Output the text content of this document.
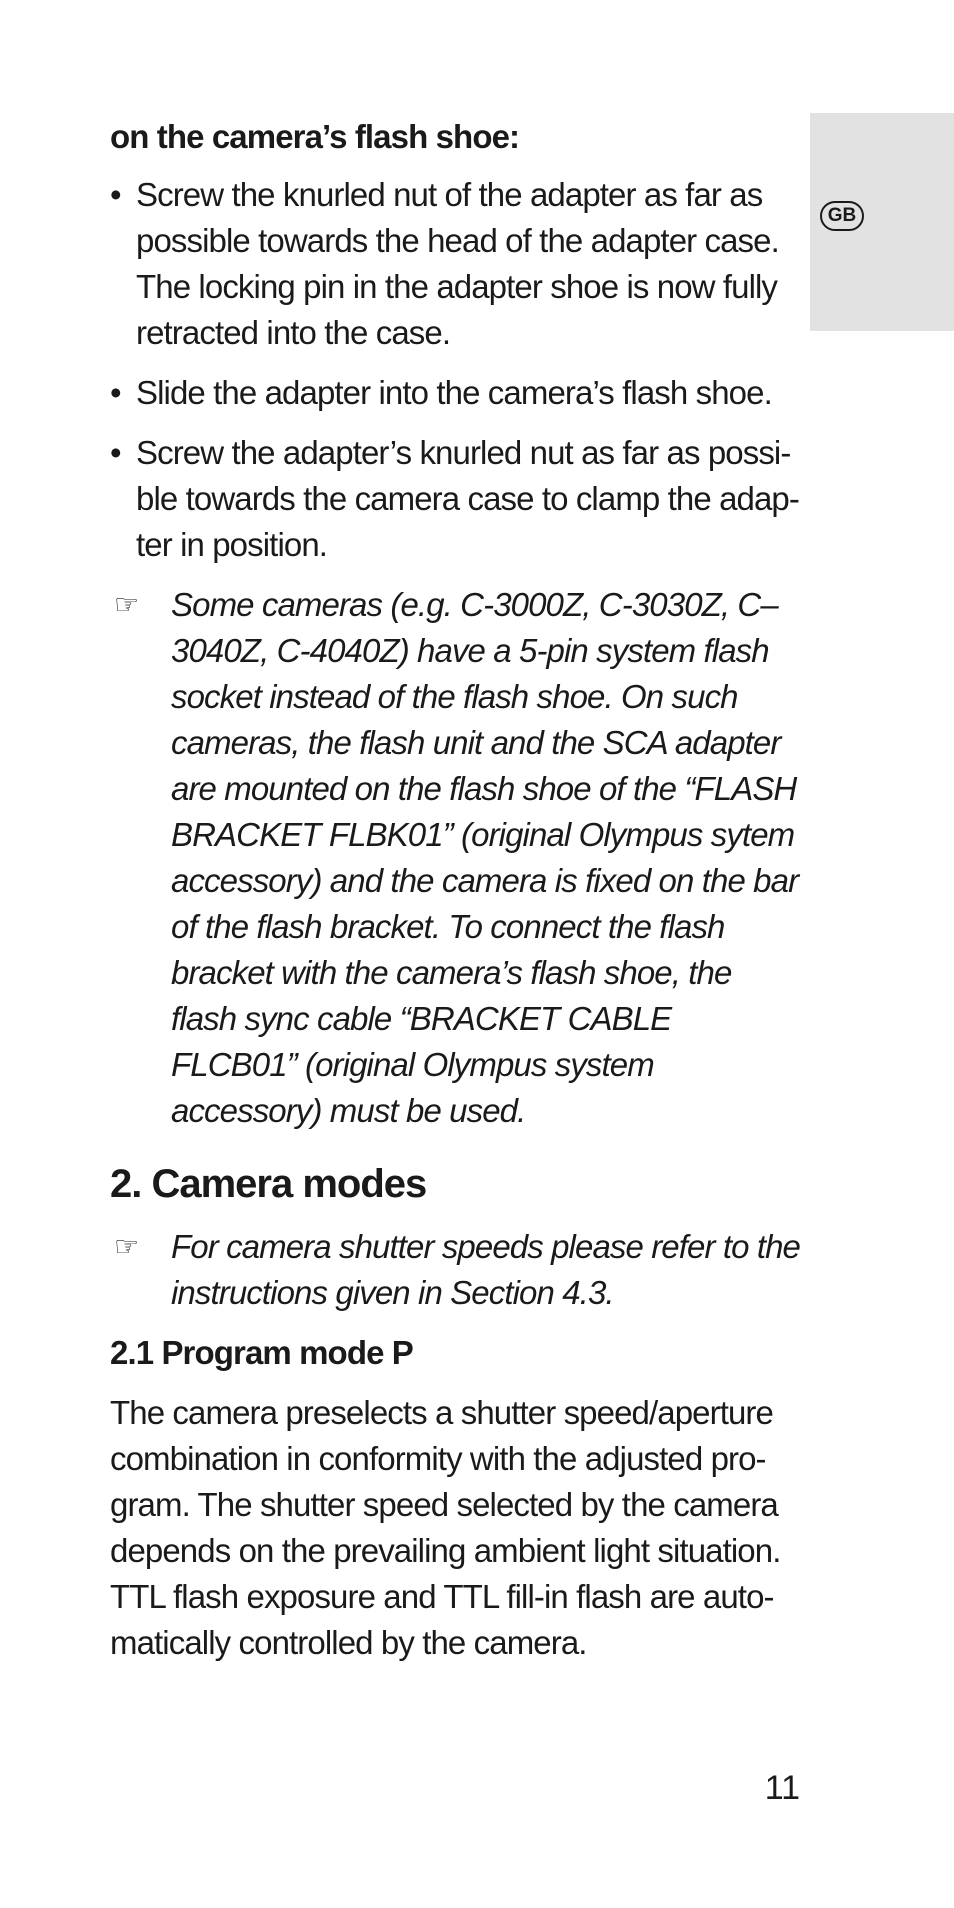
GB
on the camera’s flash shoe:
• Screw the knurled nut of the adapter as far as possible towards the head of the adapter case. The locking pin in the adapter shoe is now fully retracted into the case.
• Slide the adapter into the camera’s flash shoe.
• Screw the adapter’s knurled nut as far as possi-ble towards the camera case to clamp the adap-ter in position.
☞ Some cameras (e.g. C-3000Z, C-3030Z, C–3040Z, C-4040Z) have a 5-pin system flash socket instead of the flash shoe. On such cameras, the flash unit and the SCA adapter are mounted on the flash shoe of the “FLASH BRACKET FLBK01” (original Olympus sytem accessory) and the camera is fixed on the bar of the flash bracket. To connect the flash bracket with the camera’s flash shoe, the flash sync cable “BRACKET CABLE FLCB01” (original Olympus system accessory) must be used.
2. Camera modes
☞ For camera shutter speeds please refer to the instructions given in Section 4.3.
2.1 Program mode P

The camera preselects a shutter speed/aperture combination in conformity with the adjusted pro-gram. The shutter speed selected by the camera depends on the prevailing ambient light situation. TTL flash exposure and TTL fill-in flash are auto-matically controlled by the camera.

11
